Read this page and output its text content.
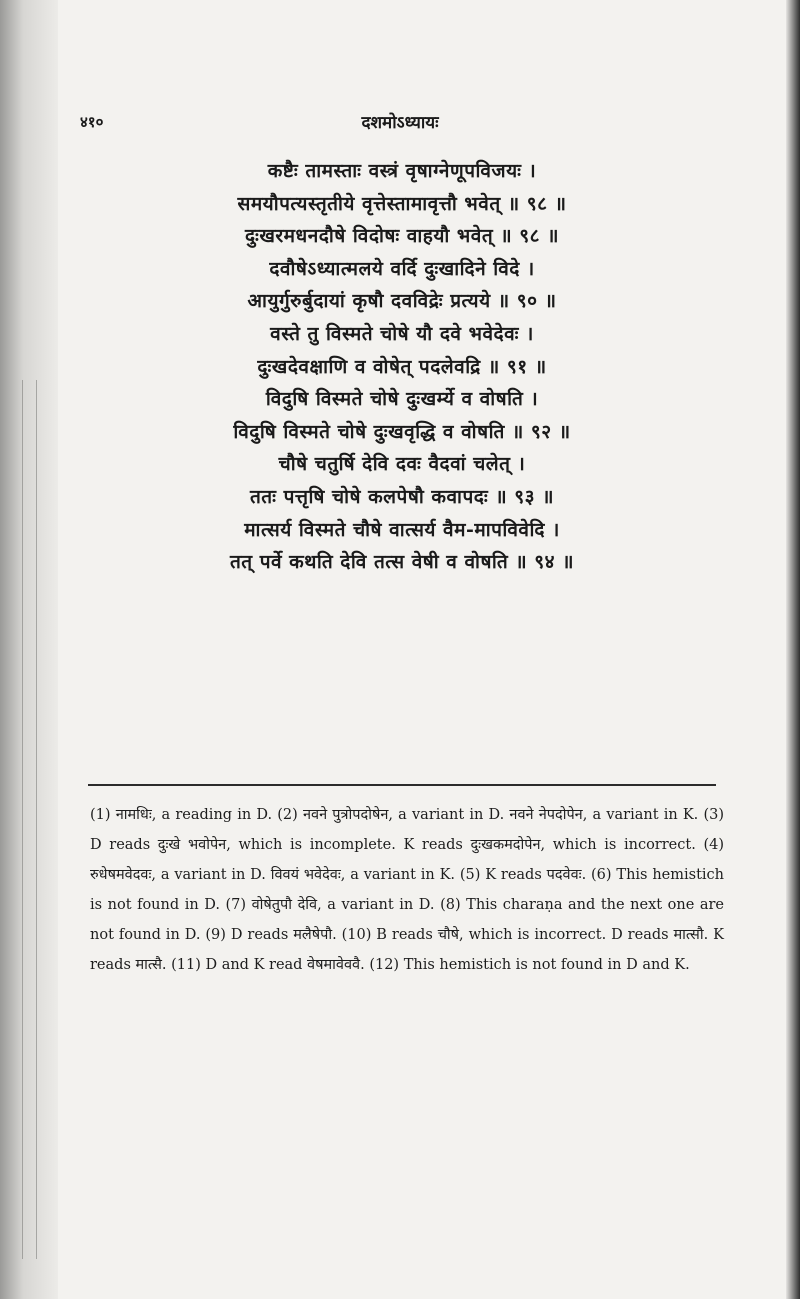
४१०	दशमोऽध्यायः
कष्टैः तामस्ताः वस्त्रं वृषाग्नेणूपविजयः ।
समयौपत्यस्तृतीये वृत्तेस्तामावृत्तौ भवेत् ॥ ९८ ॥
दुःखरमधनदौषे विदोषः वाहयौ भवेत् ॥ ९८ ॥
दवौषेऽध्यात्मलये वर्दि दुःखादिने विदे ।
आयुर्गुरुर्बुदायां कृषौ दवविद्रेः प्रत्यये ॥ ९० ॥
वस्ते तु विस्मते चोषे यौ दवे भवेदेवः ।
दुःखदेवक्षाणि व वोषेत् पदलेवद्रि ॥ ९१ ॥
विदुषि विस्मते चोषे दुःखर्म्ये व वोषति ।
विदुषि विस्मते चोषे दुःखवृद्धि व वोषति ॥ ९२ ॥
चौषे चतुर्षि देवि दवः वैदवां चलेत् ।
ततः पत्तृषि चोषे कलपेषौ कवापदः ॥ ९३ ॥
मात्सर्य विस्मते चौषे वात्सर्य वैम-मापविवेदि ।
तत् पर्वे कथति देवि तत्स वेषी व वोषति ॥ ९४ ॥

(1) नामधिः, a reading in D. (2) नवने पुत्रोपदोषेन, a variant in D. नवने नेपदोपेन, a variant in K. (3) D reads दुःखे भवोपेन, which is incomplete. K reads दुःखकमदोपेन, which is incorrect. (4) रुधेषमवेदवः, a variant in D. विवयं भवेदेवः, a variant in K. (5) K reads पदवेवः. (6) This hemistich is not found in D. (7) वोषेतुपौ देवि, a variant in D. (8) This charaṇa and the next one are not found in D. (9) D reads मलैषेपौ. (10) B reads चौषे, which is incorrect. D reads मात्सौ. K reads मात्सै. (11) D and K read वेषमावेववै. (12) This hemistich is not found in D and K.
